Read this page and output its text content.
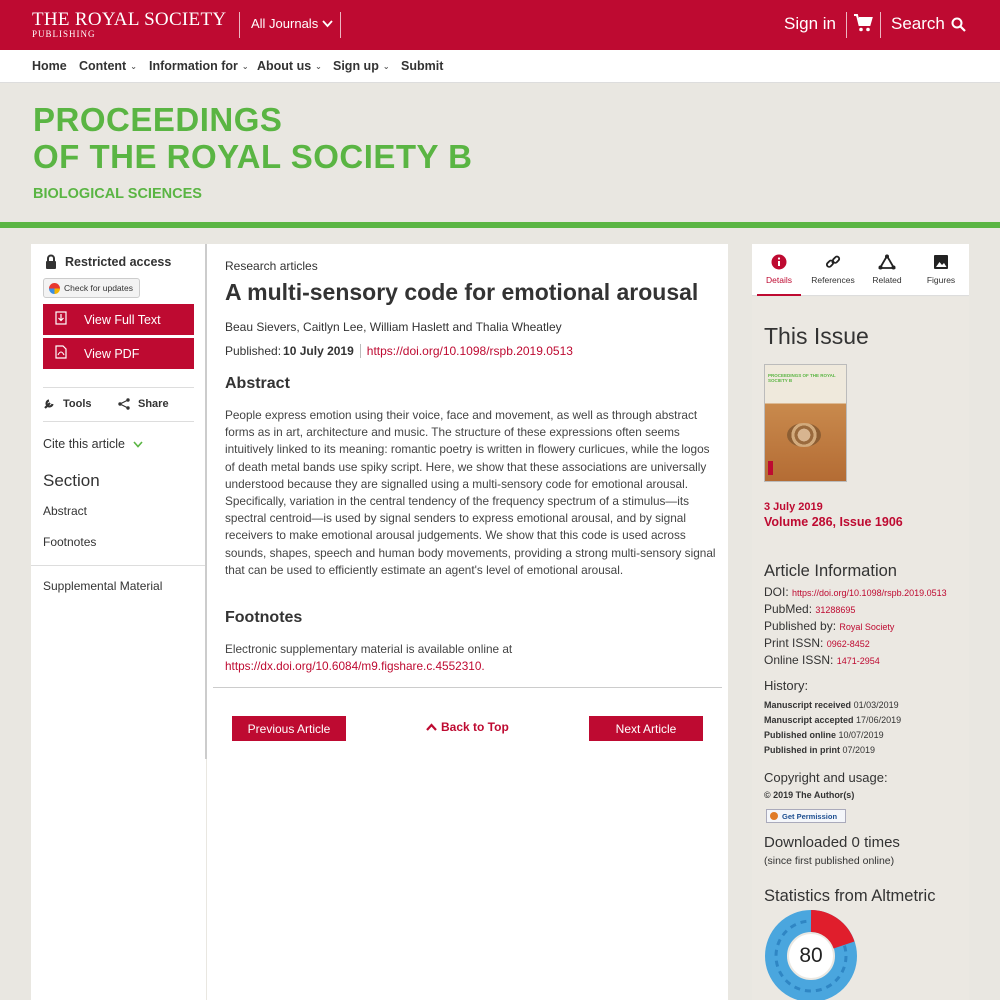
THE ROYAL SOCIETY
PUBLISHING
All Journals	Sign in	Search
Home Content ⌄ Information for ⌄ About us ⌄ Sign up ⌄ Submit
PROCEEDINGS
OF THE ROYAL SOCIETY B
BIOLOGICAL SCIENCES
Restricted access
Check for updates
View Full Text
View PDF
Tools	Share
Cite this article
Section
Abstract
Footnotes
Supplemental Material
Research articles
A multi-sensory code for emotional arousal
Beau Sievers, Caitlyn Lee, William Haslett and Thalia Wheatley
Published: 10 July 2019 https://doi.org/10.1098/rspb.2019.0513
Abstract
People express emotion using their voice, face and movement, as well as through abstract forms as in art, architecture and music. The structure of these expressions often seems intuitively linked to its meaning: romantic poetry is written in flowery curlicues, while the logos of death metal bands use spiky script. Here, we show that these associations are universally understood because they are signalled using a multi-sensory code for emotional arousal. Specifically, variation in the central tendency of the frequency spectrum of a stimulus—its spectral centroid—is used by signal senders to express emotional arousal, and by signal receivers to make emotional arousal judgements. We show that this code is used across sounds, shapes, speech and human body movements, providing a strong multi-sensory signal that can be used to efficiently estimate an agent's level of emotional arousal.
Footnotes
Electronic supplementary material is available online at
https://dx.doi.org/10.6084/m9.figshare.c.4552310.
Previous Article	Back to Top	Next Article
Details	References	Related	Figures
This Issue
PROCEEDINGS OF THE ROYAL SOCIETY B
3 July 2019
Volume 286, Issue 1906
Article Information
DOI: https://doi.org/10.1098/rspb.2019.0513
PubMed: 31288695
Published by: Royal Society
Print ISSN: 0962-8452
Online ISSN: 1471-2954
History:
Manuscript received 01/03/2019
Manuscript accepted 17/06/2019
Published online 10/07/2019
Published in print 07/2019
Copyright and usage:
© 2019 The Author(s)
Get Permission
Downloaded 0 times
(since first published online)
Statistics from Altmetric
80
